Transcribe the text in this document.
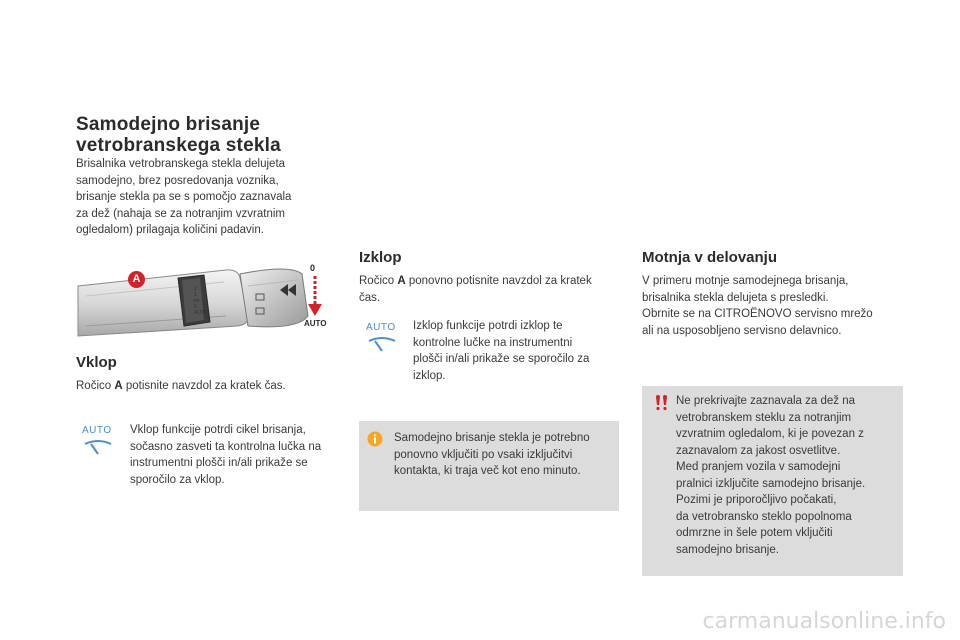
Samodejno brisanje
vetrobranskega stekla

Brisalnika vetrobranskega stekla delujeta

samodejno, brez posredovanja voznika,

brisanje stekla pa se s pomočjo zaznavala

za dež (nahaja se za notranjim vzvratnim

ogledalom) prilagaja količini padavin.

A
0
AUTO
2
1
Int
0
AUTO
Vklop

Ročico A potisnite navzdol za kratek čas.

AUTO	Vklop funkcije potrdi cikel brisanja,

sočasno zasveti ta kontrolna lučka na

instrumentni plošči in/ali prikaže se

sporočilo za vklop.

Izklop

Ročico A ponovno potisnite navzdol za kratek

čas.

AUTO	Izklop funkcije potrdi izklop te

kontrolne lučke na instrumentni

plošči in/ali prikaže se sporočilo za

izklop.

Samodejno brisanje stekla je potrebno

ponovno vključiti po vsaki izključitvi

kontakta, ki traja več kot eno minuto.

Motnja v delovanju

V primeru motnje samodejnega brisanja,

brisalnika stekla delujeta s presledki.

Obrnite se na CITROËNOVO servisno mrežo

ali na usposobljeno servisno delavnico.

Ne prekrivajte zaznavala za dež na

vetrobranskem steklu za notranjim

vzvratnim ogledalom, ki je povezan z

zaznavalom za jakost osvetlitve.

Med pranjem vozila v samodejni

pralnici izključite samodejno brisanje.

Pozimi je priporočljivo počakati,

da vetrobransko steklo popolnoma

odmrzne in šele potem vključiti

samodejno brisanje.

carmanualsonline.info
